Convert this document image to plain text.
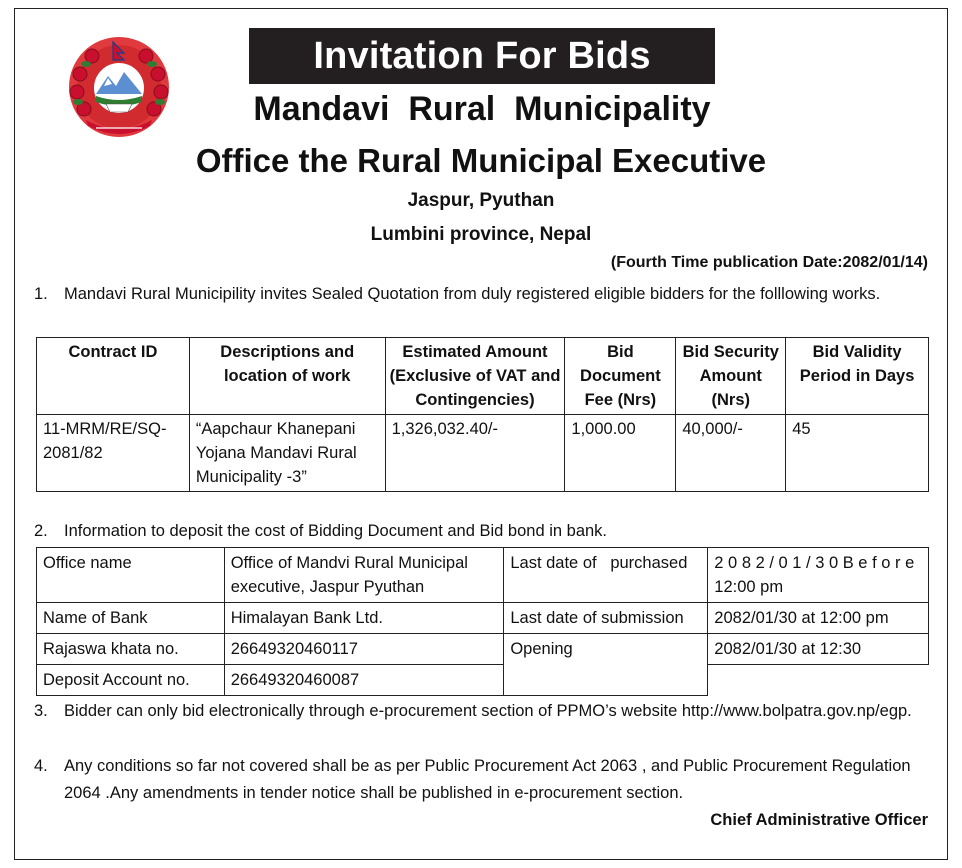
Invitation For Bids
Mandavi  Rural  Municipality
Office the Rural Municipal Executive
Jaspur, Pyuthan
Lumbini province, Nepal
(Fourth Time publication Date:2082/01/14)
1. Mandavi Rural Municipility invites Sealed Quotation from duly registered eligible bidders for the folllowing works.
Contract ID	Descriptions and location of work	Estimated Amount (Exclusive of VAT and Contingencies)	Bid Document Fee (Nrs)	Bid Security Amount (Nrs)	Bid Validity Period in Days
11-MRM/RE/SQ-2081/82	“Aapchaur Khanepani Yojana Mandavi Rural Municipality -3”	1,326,032.40/-	1,000.00	40,000/-	45
2. Information to deposit the cost of Bidding Document and Bid bond in bank.
Office name	Office of Mandvi Rural Municipal executive, Jaspur Pyuthan	Last date of   purchased	2 0 8 2 / 0 1 / 3 0 B e f o r e 12:00 pm
Name of Bank	Himalayan Bank Ltd.	Last date of submission	2082/01/30 at 12:00 pm
Rajaswa khata no.	26649320460117	Opening	2082/01/30 at 12:30
Deposit Account no.	26649320460087		
3. Bidder can only bid electronically through e-procurement section of PPMO’s website http://www.bolpatra.gov.np/egp.
4. Any conditions so far not covered shall be as per Public Procurement Act 2063 , and Public Procurement Regulation 2064 .Any amendments in tender notice shall be published in e-procurement section.
Chief Administrative Officer
